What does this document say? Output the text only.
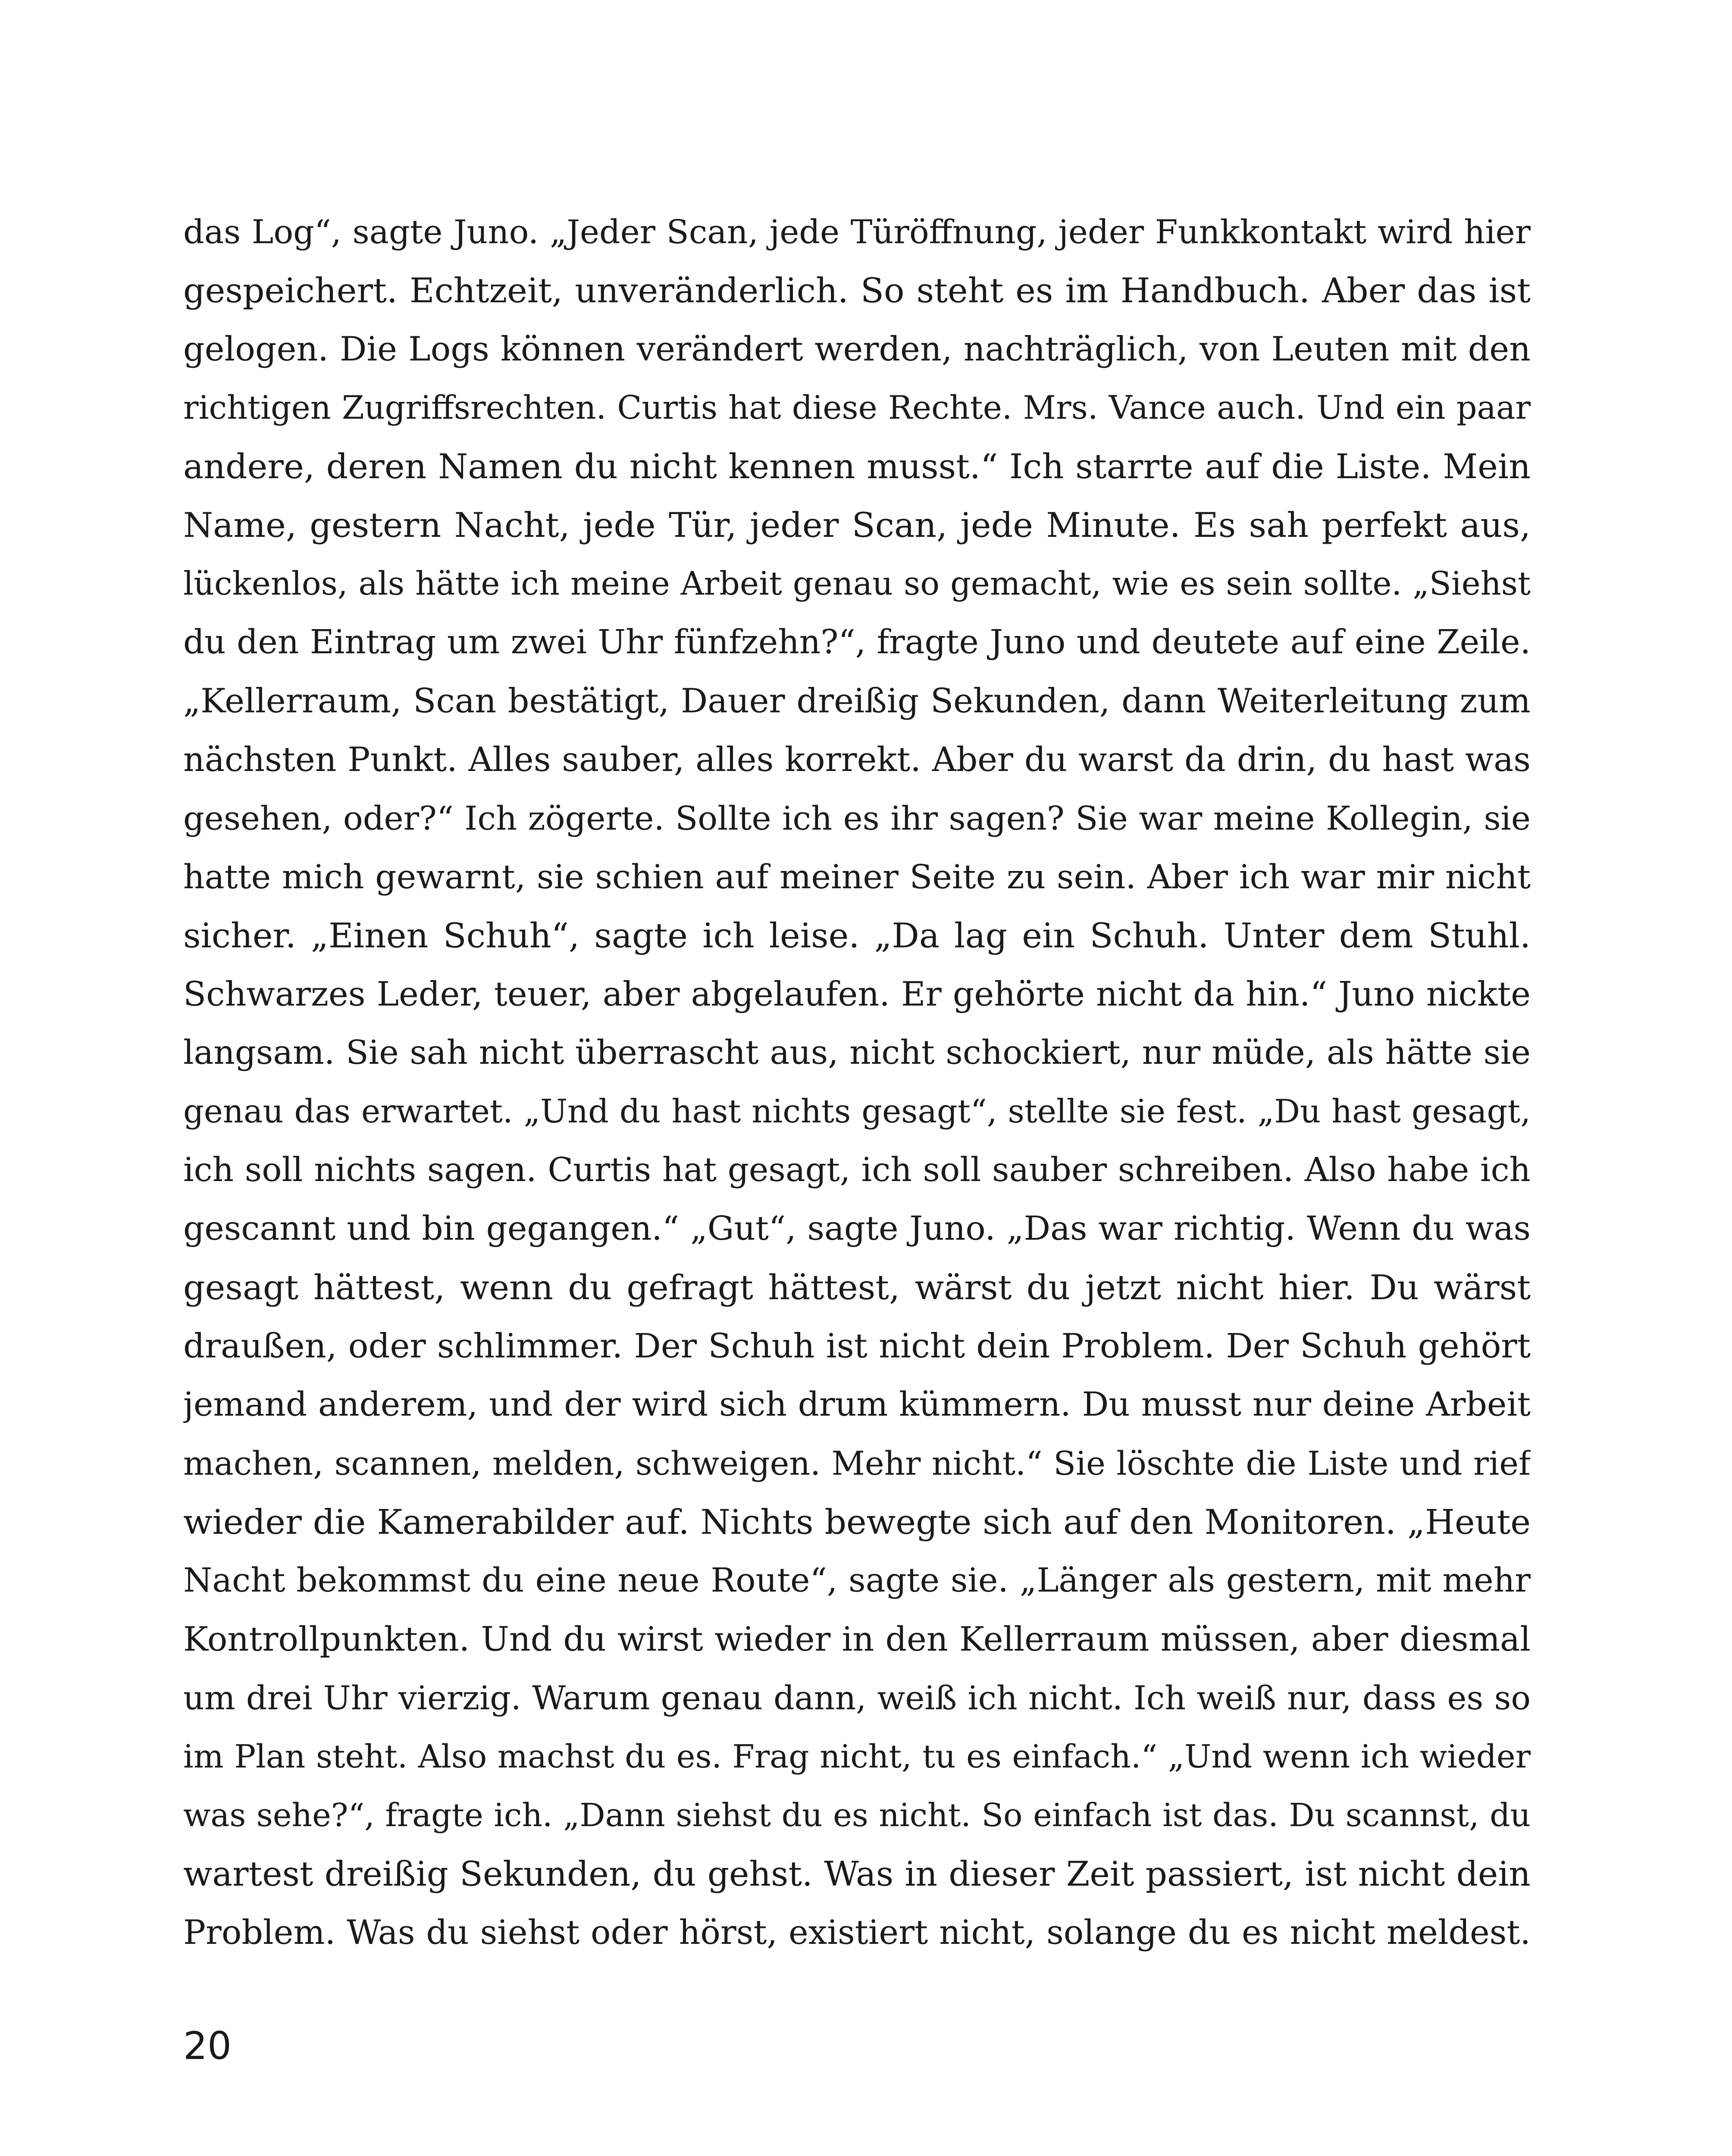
das Log“, sagte Juno. „Jeder Scan, jede Türöffnung, jeder Funkkontakt wird hier
gespeichert. Echtzeit, unveränderlich. So steht es im Handbuch. Aber das ist
gelogen. Die Logs können verändert werden, nachträglich, von Leuten mit den
richtigen Zugriffsrechten. Curtis hat diese Rechte. Mrs. Vance auch. Und ein paar
andere, deren Namen du nicht kennen musst.“ Ich starrte auf die Liste. Mein
Name, gestern Nacht, jede Tür, jeder Scan, jede Minute. Es sah perfekt aus,
lückenlos, als hätte ich meine Arbeit genau so gemacht, wie es sein sollte. „Siehst
du den Eintrag um zwei Uhr fünfzehn?“, fragte Juno und deutete auf eine Zeile.
„Kellerraum, Scan bestätigt, Dauer dreißig Sekunden, dann Weiterleitung zum
nächsten Punkt. Alles sauber, alles korrekt. Aber du warst da drin, du hast was
gesehen, oder?“ Ich zögerte. Sollte ich es ihr sagen? Sie war meine Kollegin, sie
hatte mich gewarnt, sie schien auf meiner Seite zu sein. Aber ich war mir nicht
sicher. „Einen Schuh“, sagte ich leise. „Da lag ein Schuh. Unter dem Stuhl.
Schwarzes Leder, teuer, aber abgelaufen. Er gehörte nicht da hin.“ Juno nickte
langsam. Sie sah nicht überrascht aus, nicht schockiert, nur müde, als hätte sie
genau das erwartet. „Und du hast nichts gesagt“, stellte sie fest. „Du hast gesagt,
ich soll nichts sagen. Curtis hat gesagt, ich soll sauber schreiben. Also habe ich
gescannt und bin gegangen.“ „Gut“, sagte Juno. „Das war richtig. Wenn du was
gesagt hättest, wenn du gefragt hättest, wärst du jetzt nicht hier. Du wärst
draußen, oder schlimmer. Der Schuh ist nicht dein Problem. Der Schuh gehört
jemand anderem, und der wird sich drum kümmern. Du musst nur deine Arbeit
machen, scannen, melden, schweigen. Mehr nicht.“ Sie löschte die Liste und rief
wieder die Kamerabilder auf. Nichts bewegte sich auf den Monitoren. „Heute
Nacht bekommst du eine neue Route“, sagte sie. „Länger als gestern, mit mehr
Kontrollpunkten. Und du wirst wieder in den Kellerraum müssen, aber diesmal
um drei Uhr vierzig. Warum genau dann, weiß ich nicht. Ich weiß nur, dass es so
im Plan steht. Also machst du es. Frag nicht, tu es einfach.“ „Und wenn ich wieder
was sehe?“, fragte ich. „Dann siehst du es nicht. So einfach ist das. Du scannst, du
wartest dreißig Sekunden, du gehst. Was in dieser Zeit passiert, ist nicht dein
Problem. Was du siehst oder hörst, existiert nicht, solange du es nicht meldest.
20
